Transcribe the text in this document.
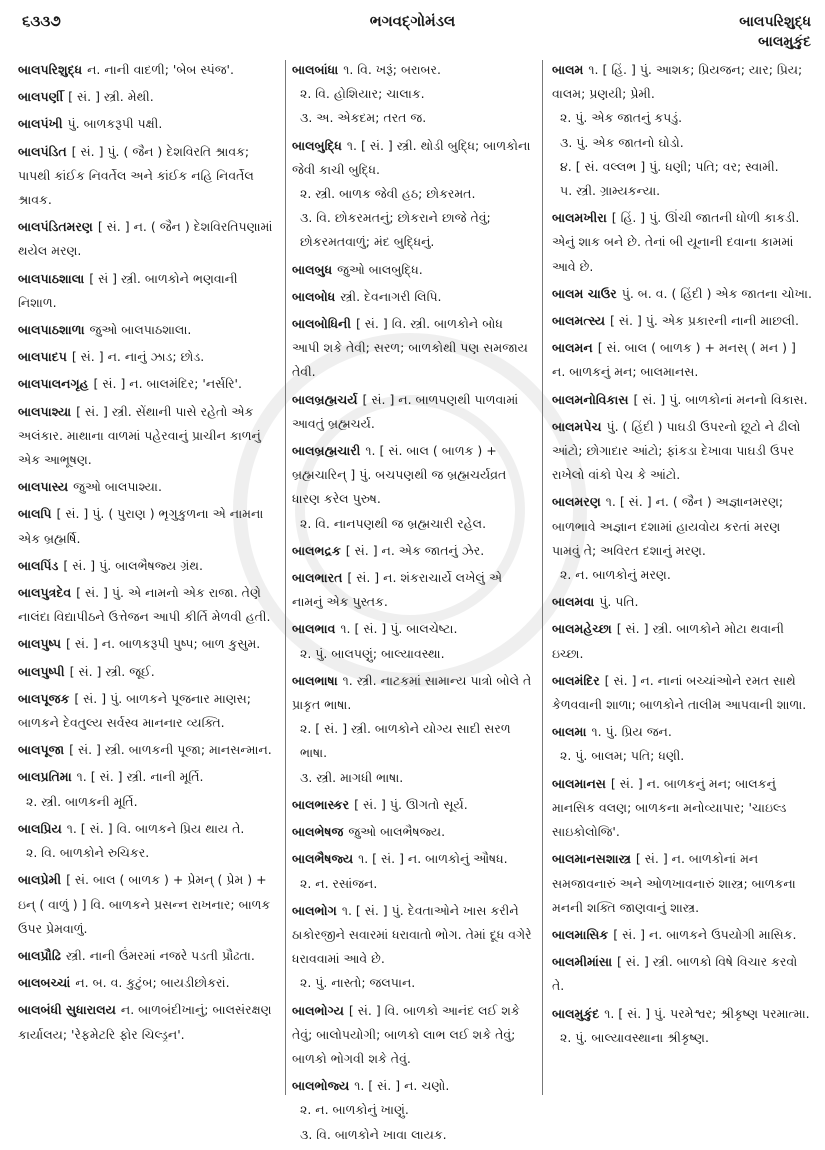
૬૩૩૭	ભગવદ્ગોમંડલ	બાલપરિશુદ્ધ
બાલમુકુંદ
બાલપરિશુદ્ધ ન. નાની વાદળી; 'બેબ સ્પંજ'.
બાલપર્ણી [ સં. ] સ્ત્રી. મેથી.
બાલપંખી પું. બાળકરૂપી પક્ષી.
બાલપંડિત [ સં. ] પું. ( જૈન ) દેશવિરતિ શ્રાવક; પાપથી કાંઈક નિવર્તેલ અને કાંઈક નહિ નિવર્તેલ શ્રાવક.
બાલપંડિતમરણ [ સં. ] ન. ( જૈન ) દેશવિરતિપણામાં થયેલ મરણ.
બાલપાઠશાલા [ સં ] સ્ત્રી. બાળકોને ભણવાની નિશાળ.
બાલપાઠશાળા જુઓ બાલપાઠશાલા.
બાલપાદપ [ સં. ] ન. નાનું ઝાડ; છોડ.
બાલપાલનગૃહ [ સં. ] ન. બાલમંદિર; 'નર્સરિ'.
બાલપાશ્યા [ સં. ] સ્ત્રી. સેંથાની પાસે રહેતો એક અલંકાર. માથાના વાળમાં પહેરવાનું પ્રાચીન કાળનું એક આભૂષણ.
બાલપાસ્ય જુઓ બાલપાશ્યા.
બાલપિ [ સં. ] પું. ( પુરાણ ) ભૃગુકુળના એ નામના એક બ્રહ્મર્ષિ.
બાલપિંડ [ સં. ] પું. બાલભૈષજ્ય ગ્રંથ.
બાલપુત્રદેવ [ સં. ] પું. એ નામનો એક રાજા. તેણે નાલંદા વિદ્યાપીઠને ઉત્તેજન આપી કીર્તિ મેળવી હતી.
બાલપુષ્પ [ સં. ] ન. બાળકરૂપી પુષ્પ; બાળ કુસુમ.
બાલપુષ્પી [ સં. ] સ્ત્રી. જૂઈ.
બાલપૂજક [ સં. ] પું. બાળકને પૂજનાર માણસ; બાળકને દેવતુલ્ય સર્વસ્વ માનનાર વ્યક્તિ.
બાલપૂજા [ સં. ] સ્ત્રી. બાળકની પૂજા; માનસન્માન.
બાલપ્રતિમા ૧. [ સં. ] સ્ત્રી. નાની મૂર્તિ.
૨. સ્ત્રી. બાળકની મૂર્તિ.
બાલપ્રિય ૧. [ સં. ] વિ. બાળકને પ્રિય થાય તે.
૨. વિ. બાળકોને રુચિકર.
બાલપ્રેમી [ સં. બાલ ( બાળક ) + પ્રેમન્ ( પ્રેમ ) + ઇન્ ( વાળું ) ] વિ. બાળકને પ્રસન્ન રાખનાર; બાળક ઉપર પ્રેમવાળું.
બાલપ્રૌઢિ સ્ત્રી. નાની ઉંમરમાં નજરે પડતી પ્રૌઢતા.
બાલબચ્ચાં ન. બ. વ. કુટુંબ; બાયડીછોકરાં.
બાલબંધી સુધારાલય ન. બાળબંદીખાનું; બાલસંરક્ષણ કાર્યાલય; 'રેફમેટરિ ફોર ચિલ્ડ્રન'.
બાલબાંધા ૧. વિ. ખરૂં; બરાબર.
૨. વિ. હોશિયાર; ચાલાક.
૩. અ. એકદમ; તરત જ.
બાલબુદ્ધિ ૧. [ સં. ] સ્ત્રી. થોડી બુદ્ધિ; બાળકોના જેવી કાચી બુદ્ધિ.
૨. સ્ત્રી. બાળક જેવી હઠ; છોકરમત.
૩. વિ. છોકરમતનું; છોકરાને છાજે તેવું; છોકરમતવાળું; મંદ બુદ્ધિનું.
બાલબુધ જુઓ બાલબુદ્ધિ.
બાલબોધ સ્ત્રી. દેવનાગરી લિપિ.
બાલબોધિની [ સં. ] વિ. સ્ત્રી. બાળકોને બોધ આપી શકે તેવી; સરળ; બાળકોથી પણ સમજાય તેવી.
બાલબ્રહ્મચર્ય [ સં. ] ન. બાળપણથી પાળવામાં આવતું બ્રહ્મચર્ય.
બાલબ્રહ્મચારી ૧. [ સં. બાલ ( બાળક ) + બ્રહ્મચારિન્ ] પું. બચપણથી જ બ્રહ્મચર્યવ્રત ધારણ કરેલ પુરુષ.
૨. વિ. નાનપણથી જ બ્રહ્મચારી રહેલ.
બાલભદ્રક [ સં. ] ન. એક જાતનું ઝેર.
બાલભારત [ સં. ] ન. શંકરાચાર્યે લખેલું એ નામનું એક પુસ્તક.
બાલભાવ ૧. [ સં. ] પું. બાલચેષ્ટા.
૨. પું. બાલપણું; બાલ્યાવસ્થા.
બાલભાષા ૧. સ્ત્રી. નાટકમાં સામાન્ય પાત્રો બોલે તે પ્રાકૃત ભાષા.
૨. [ સં. ] સ્ત્રી. બાળકોને યોગ્ય સાદી સરળ ભાષા.
૩. સ્ત્રી. માગધી ભાષા.
બાલભાસ્કર [ સં. ] પું. ઊગતો સૂર્ય.
બાલભેષજ જુઓ બાલભૈષજ્ય.
બાલભૈષજ્ય ૧. [ સં. ] ન. બાળકોનું ઔષધ.
૨. ન. રસાંજન.
બાલભોગ ૧. [ સં. ] પું. દેવતાઓને ખાસ કરીને ઠાકોરજીને સવારમાં ધરાવાતો ભોગ. તેમાં દૂધ વગેરે ધરાવવામાં આવે છે.
૨. પું. નાસ્તો; જલપાન.
બાલભોગ્ય [ સં. ] વિ. બાળકો આનંદ લઈ શકે તેવું; બાલોપયોગી; બાળકો લાભ લઈ શકે તેવું; બાળકો ભોગવી શકે તેવું.
બાલભોજ્ય ૧. [ સં. ] ન. ચણો.
૨. ન. બાળકોનું ખાણું.
૩. વિ. બાળકોને ખાવા લાયક.
બાલમ ૧. [ હિં. ] પું. આશક; પ્રિયજન; યાર; પ્રિય; વાલમ; પ્રણયી; પ્રેમી.
૨. પું. એક જાતનું કપડું.
૩. પું. એક જાતનો ઘોડો.
૪. [ સં. વલ્લભ ] પું. ધણી; પતિ; વર; સ્વામી.
૫. સ્ત્રી. ગ્રામ્યકન્યા.
બાલમખીરા [ હિં. ] પું. ઊંચી જાતની ધોળી કાકડી. એનું શાક બને છે. તેનાં બી યૂનાની દવાના કામમાં આવે છે.
બાલમ ચાઉર પું. બ. વ. ( હિંદી ) એક જાતના ચોખા.
બાલમત્સ્ય [ સં. ] પું. એક પ્રકારની નાની માછલી.
બાલમન [ સં. બાલ ( બાળક ) + મનસ્ ( મન ) ] ન. બાળકનું મન; બાલમાનસ.
બાલમનોવિકાસ [ સં. ] પું. બાળકોનાં મનનો વિકાસ.
બાલમપેચ પું. ( હિંદી ) પાઘડી ઉપરનો છૂટો ને ઢીલો આંટો; છોગાદાર આંટો; ફાંકડા દેખાવા પાઘડી ઉપર રાખેલો વાંકો પેચ કે આંટો.
બાલમરણ ૧. [ સં. ] ન. ( જૈન ) અજ્ઞાનમરણ; બાળભાવે અજ્ઞાન દશામાં હાયવોય કરતાં મરણ પામવું તે; અવિરત દશાનું મરણ.
૨. ન. બાળકોનું મરણ.
બાલમવા પું. પતિ.
બાલમહેચ્છા [ સં. ] સ્ત્રી. બાળકોને મોટા થવાની ઇચ્છા.
બાલમંદિર [ સં. ] ન. નાનાં બચ્ચાંઓને રમત સાથે કેળવવાની શાળા; બાળકોને તાલીમ આપવાની શાળા.
બાલમા ૧. પું. પ્રિય જન.
૨. પું. બાલમ; પતિ; ધણી.
બાલમાનસ [ સં. ] ન. બાળકનું મન; બાલકનું માનસિક વલણ; બાળકના મનોવ્યાપાર; 'ચાઇલ્ડ સાઇકોલોજિ'.
બાલમાનસશાસ્ત્ર [ સં. ] ન. બાળકોનાં મન સમજાવનારું અને ઓળખાવનારું શાસ્ત્ર; બાળકના મનની શક્તિ જાણવાનું શાસ્ત્ર.
બાલમાસિક [ સં. ] ન. બાળકને ઉપયોગી માસિક.
બાલમીમાંસા [ સં. ] સ્ત્રી. બાળકો વિષે વિચાર કરવો તે.
બાલમુકુંદ ૧. [ સં. ] પું. પરમેશ્વર; શ્રીકૃષ્ણ પરમાત્મા.
૨. પું. બાલ્યાવસ્થાના શ્રીકૃષ્ણ.
